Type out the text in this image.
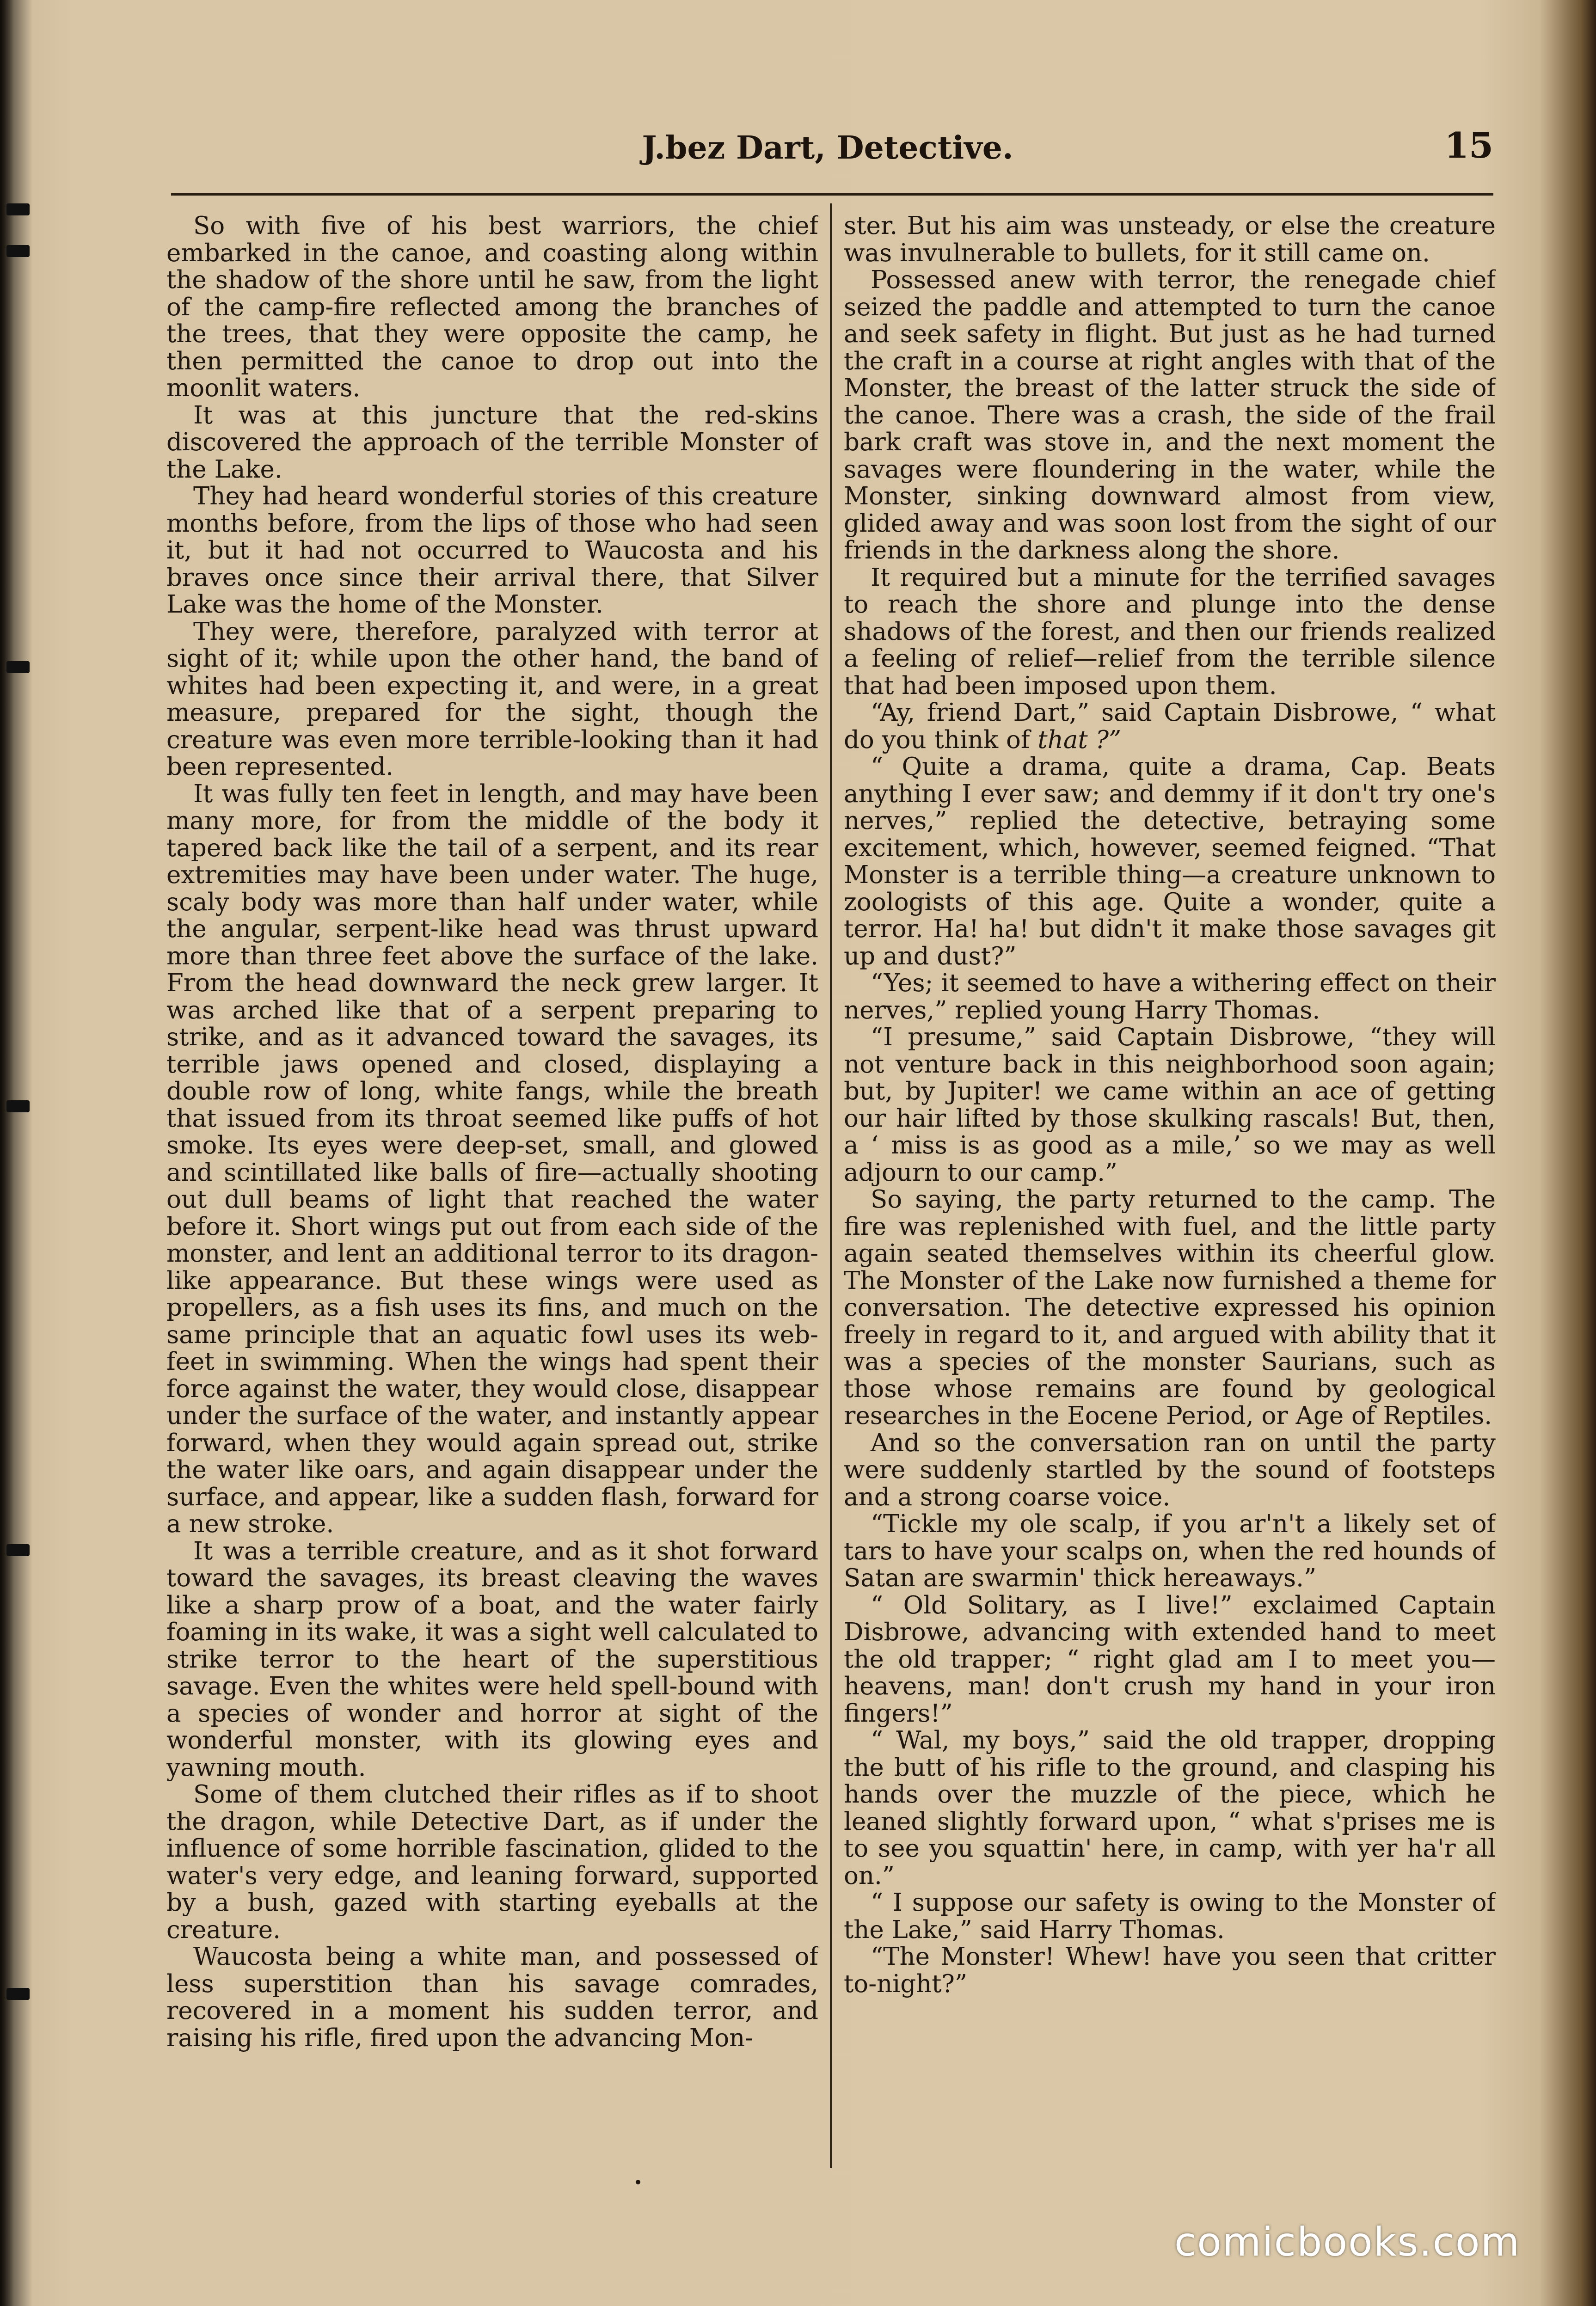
J.bez Dart, Detective.	15

So with five of his best warriors, the chief embarked in the canoe, and coasting along within the shadow of the shore until he saw, from the light of the camp-fire reflected among the branches of the trees, that they were opposite the camp, he then permitted the canoe to drop out into the moonlit waters.

It was at this juncture that the red-skins discovered the approach of the terrible Monster of the Lake.

They had heard wonderful stories of this creature months before, from the lips of those who had seen it, but it had not occurred to Waucosta and his braves once since their arrival there, that Silver Lake was the home of the Monster.

They were, therefore, paralyzed with terror at sight of it; while upon the other hand, the band of whites had been expecting it, and were, in a great measure, prepared for the sight, though the creature was even more terrible-looking than it had been represented.

It was fully ten feet in length, and may have been many more, for from the middle of the body it tapered back like the tail of a serpent, and its rear extremities may have been under water. The huge, scaly body was more than half under water, while the angular, serpent-like head was thrust upward more than three feet above the surface of the lake. From the head downward the neck grew larger. It was arched like that of a serpent preparing to strike, and as it advanced toward the savages, its terrible jaws opened and closed, displaying a double row of long, white fangs, while the breath that issued from its throat seemed like puffs of hot smoke. Its eyes were deep-set, small, and glowed and scintillated like balls of fire—actually shooting out dull beams of light that reached the water before it. Short wings put out from each side of the monster, and lent an additional terror to its dragon-like appearance. But these wings were used as propellers, as a fish uses its fins, and much on the same principle that an aquatic fowl uses its web-feet in swimming. When the wings had spent their force against the water, they would close, disappear under the surface of the water, and instantly appear forward, when they would again spread out, strike the water like oars, and again disappear under the surface, and appear, like a sudden flash, forward for a new stroke.

It was a terrible creature, and as it shot forward toward the savages, its breast cleaving the waves like a sharp prow of a boat, and the water fairly foaming in its wake, it was a sight well calculated to strike terror to the heart of the superstitious savage. Even the whites were held spell-bound with a species of wonder and horror at sight of the wonderful monster, with its glowing eyes and yawning mouth.

Some of them clutched their rifles as if to shoot the dragon, while Detective Dart, as if under the influence of some horrible fascination, glided to the water's very edge, and leaning forward, supported by a bush, gazed with starting eyeballs at the creature.

Waucosta being a white man, and possessed of less superstition than his savage comrades, recovered in a moment his sudden terror, and raising his rifle, fired upon the advancing Mon-

ster. But his aim was unsteady, or else the creature was invulnerable to bullets, for it still came on.

Possessed anew with terror, the renegade chief seized the paddle and attempted to turn the canoe and seek safety in flight. But just as he had turned the craft in a course at right angles with that of the Monster, the breast of the latter struck the side of the canoe. There was a crash, the side of the frail bark craft was stove in, and the next moment the savages were floundering in the water, while the Monster, sinking downward almost from view, glided away and was soon lost from the sight of our friends in the darkness along the shore.

It required but a minute for the terrified savages to reach the shore and plunge into the dense shadows of the forest, and then our friends realized a feeling of relief—relief from the terrible silence that had been imposed upon them.

“Ay, friend Dart,” said Captain Disbrowe, “ what do you think of that ?”

“ Quite a drama, quite a drama, Cap. Beats anything I ever saw; and demmy if it don't try one's nerves,” replied the detective, betraying some excitement, which, however, seemed feigned. “That Monster is a terrible thing—a creature unknown to zoologists of this age. Quite a wonder, quite a terror. Ha! ha! but didn't it make those savages git up and dust?”

“Yes; it seemed to have a withering effect on their nerves,” replied young Harry Thomas.

“I presume,” said Captain Disbrowe, “they will not venture back in this neighborhood soon again; but, by Jupiter! we came within an ace of getting our hair lifted by those skulking rascals! But, then, a ‘ miss is as good as a mile,’ so we may as well adjourn to our camp.”

So saying, the party returned to the camp. The fire was replenished with fuel, and the little party again seated themselves within its cheerful glow. The Monster of the Lake now furnished a theme for conversation. The detective expressed his opinion freely in regard to it, and argued with ability that it was a species of the monster Saurians, such as those whose remains are found by geological researches in the Eocene Period, or Age of Reptiles.

And so the conversation ran on until the party were suddenly startled by the sound of footsteps and a strong coarse voice.

“Tickle my ole scalp, if you ar'n't a likely set of tars to have your scalps on, when the red hounds of Satan are swarmin' thick hereaways.”

“ Old Solitary, as I live!” exclaimed Captain Disbrowe, advancing with extended hand to meet the old trapper; “ right glad am I to meet you—heavens, man! don't crush my hand in your iron fingers!”

“ Wal, my boys,” said the old trapper, dropping the butt of his rifle to the ground, and clasping his hands over the muzzle of the piece, which he leaned slightly forward upon, “ what s'prises me is to see you squattin' here, in camp, with yer ha'r all on.”

“ I suppose our safety is owing to the Monster of the Lake,” said Harry Thomas.

“The Monster! Whew! have you seen that critter to-night?”

comicbooks.com
